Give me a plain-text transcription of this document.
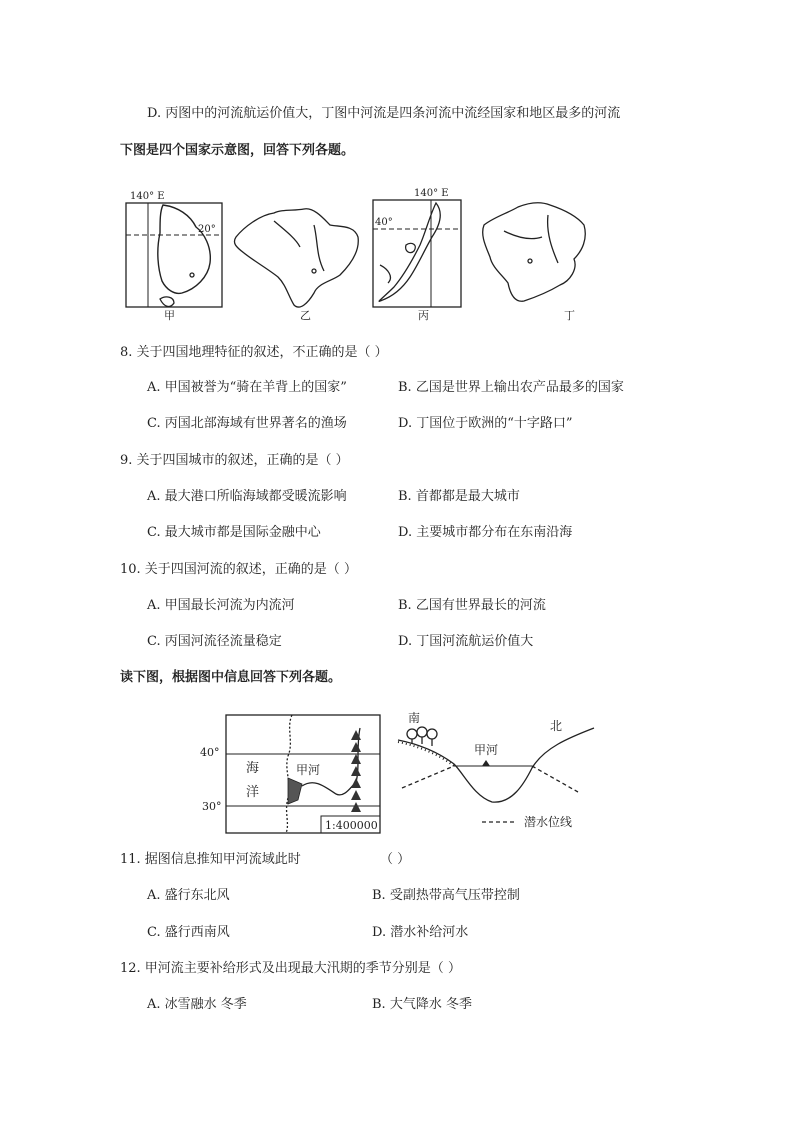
D. 丙图中的河流航运价值大，丁图中河流是四条河流中流经国家和地区最多的河流
下图是四个国家示意图，回答下列各题。
140° E
20°
甲	乙
140° E
40°
丙	丁
8. 关于四国地理特征的叙述，不正确的是（ ）
A. 甲国被誉为“骑在羊背上的国家”	B. 乙国是世界上输出农产品最多的国家
C. 丙国北部海域有世界著名的渔场	D. 丁国位于欧洲的“十字路口”
9. 关于四国城市的叙述，正确的是（ ）
A. 最大港口所临海域都受暖流影响	B. 首都都是最大城市
C. 最大城市都是国际金融中心	D. 主要城市都分布在东南沿海
10. 关于四国河流的叙述，正确的是（ ）
A. 甲国最长河流为内流河	B. 乙国有世界最长的河流
C. 丙国河流径流量稳定	D. 丁国河流航运价值大
读下图，根据图中信息回答下列各题。
40°
30°
海
洋
甲河
1:400000
南
北
甲河
潜水位线
11. 据图信息推知甲河流域此时	（ ）
A. 盛行东北风	B. 受副热带高气压带控制
C. 盛行西南风	D. 潜水补给河水
12. 甲河流主要补给形式及出现最大汛期的季节分别是（ ）
A. 冰雪融水 冬季	B. 大气降水 冬季
